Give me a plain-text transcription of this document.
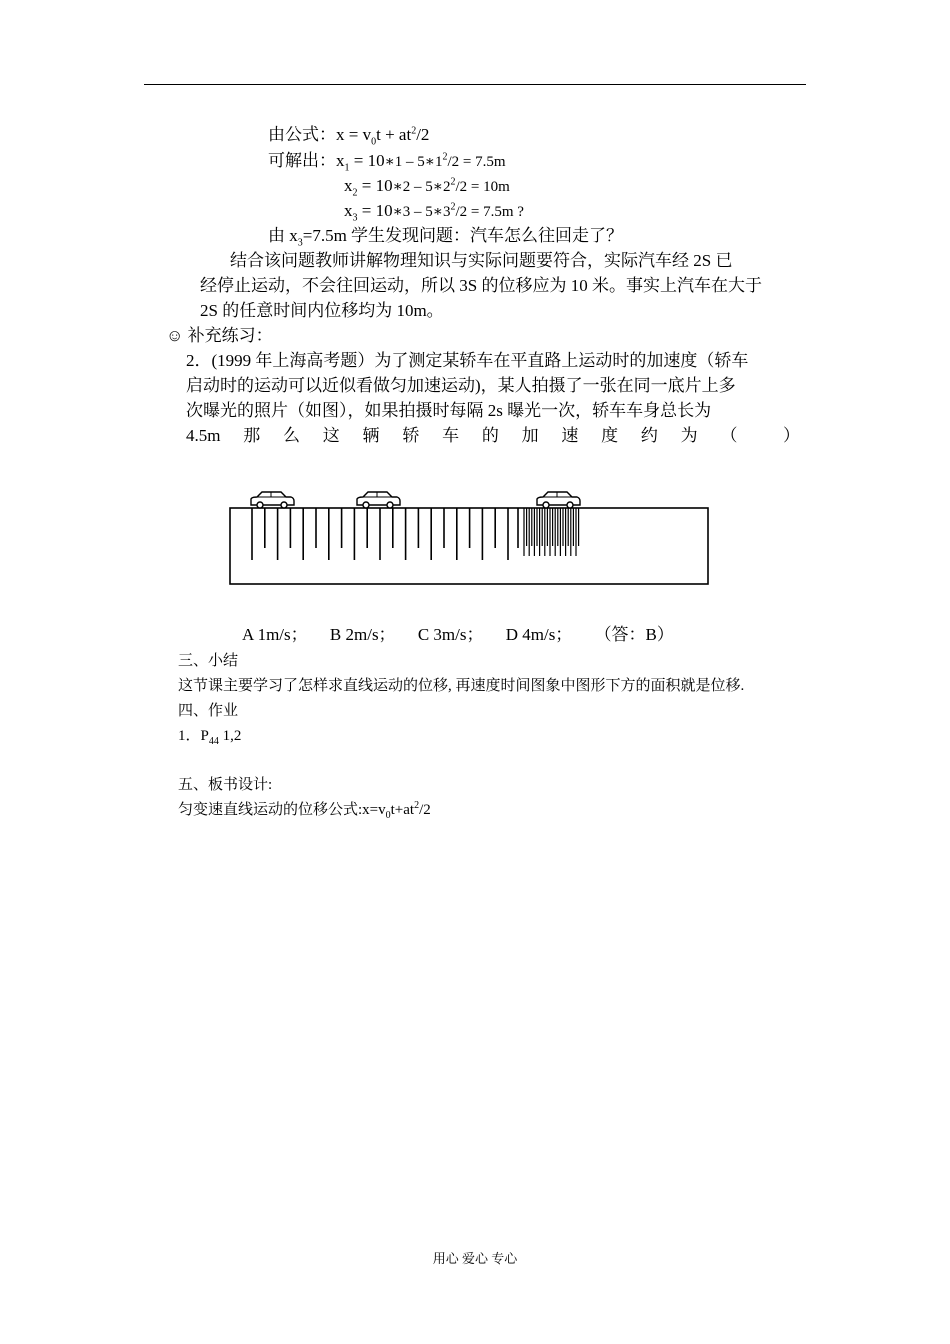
由公式：$x = v_0t + at^2/2$
可解出：$x_1$ = 10∗1 – $5∗1^2/2 = 7.5m$
$x_2$ = 10∗2 – $5∗2^2/2 = 10m$
$x_3$ = 10∗3 – $5∗3^2/2 = 7.5m$ ?
由 $x_3=7.5m$ 学生发现问题：汽车怎么往回走了？
结合该问题教师讲解物理知识与实际问题要符合，实际汽车经 2S 已
经停止运动，不会往回运动，所以 3S 的位移应为 10 米。事实上汽车在大于
2S 的任意时间内位移均为 10m。
☺ 补充练习：
2．(1999 年上海高考题）为了测定某轿车在平直路上运动时的加速度（轿车
启动时的运动可以近似看做匀加速运动)，某人拍摄了一张在同一底片上多
次曝光的照片（如图），如果拍摄时每隔 2s 曝光一次，轿车车身总长为
4.5m 那 么 这 辆 轿 车 的 加 速 度 约 为 （	）
A 1m/s； B 2m/s； C 3m/s； D 4m/s； （答：B）
三、小结
这节课主要学习了怎样求直线运动的位移, 再速度时间图象中图形下方的面积就是位移.
四、作业
1．$P_{44}$ 1,2
五、板书设计:
匀变速直线运动的位移公式$:x=v_0t+at^2/2$
用心 爱心 专心
